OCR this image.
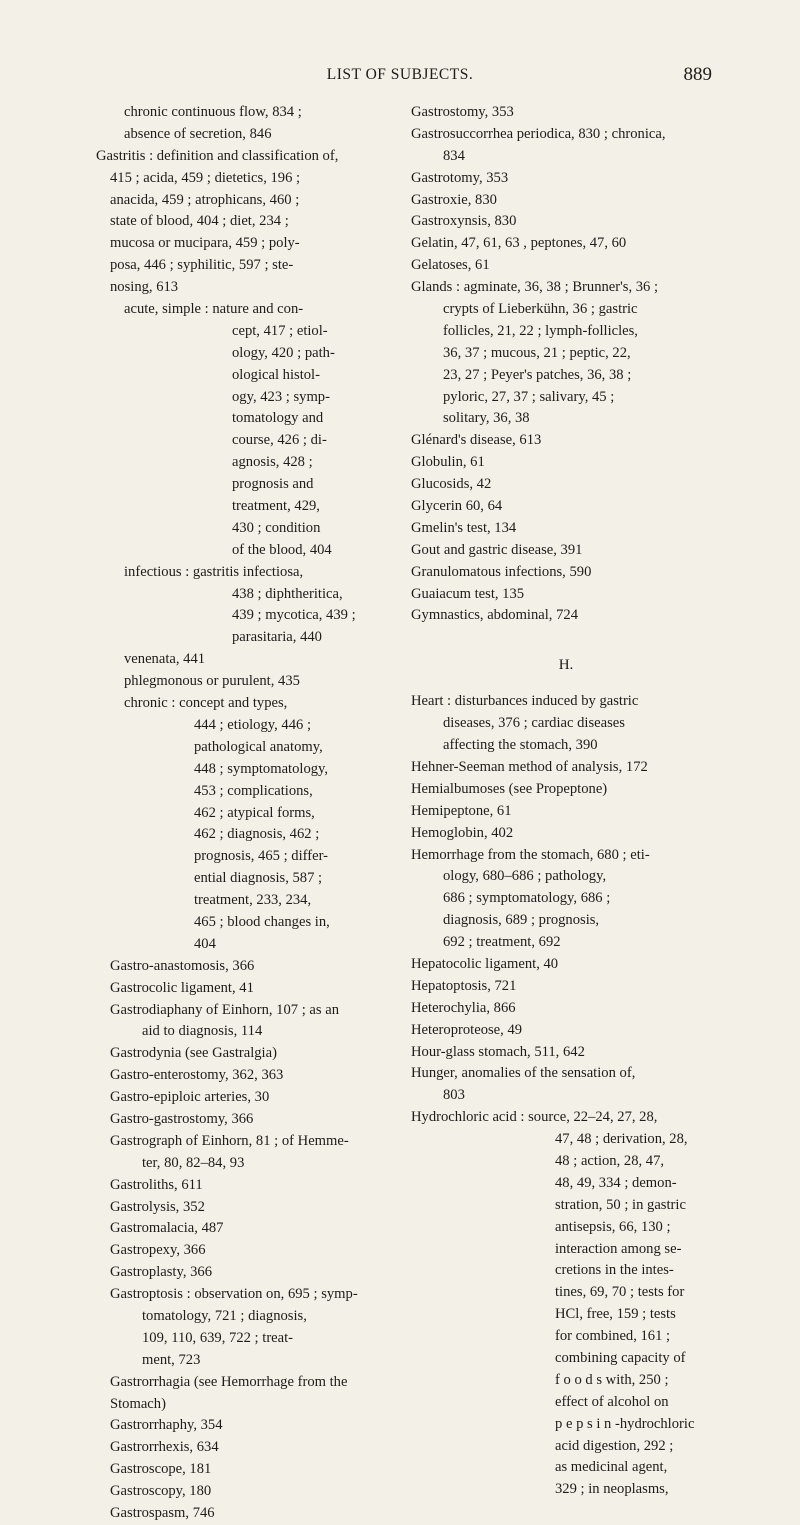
LIST OF SUBJECTS.	889
chronic continuous flow, 834 ;
absence of secretion, 846
Gastritis : definition and classification of,
415 ; acida, 459 ; dietetics, 196 ;
anacida, 459 ; atrophicans, 460 ;
state of blood, 404 ; diet, 234 ;
mucosa or mucipara, 459 ; poly-
posa, 446 ; syphilitic, 597 ; ste-
nosing, 613
acute, simple : nature and con-
cept, 417 ; etiol-
ology, 420 ; path-
ological histol-
ogy, 423 ; symp-
tomatology and
course, 426 ; di-
agnosis, 428 ;
prognosis and
treatment, 429,
430 ; condition
of the blood, 404
infectious : gastritis infectiosa,
438 ; diphtheritica,
439 ; mycotica, 439 ;
parasitaria, 440
venenata, 441
phlegmonous or purulent, 435
chronic : concept and types,
444 ; etiology, 446 ;
pathological anatomy,
448 ; symptomatology,
453 ; complications,
462 ; atypical forms,
462 ; diagnosis, 462 ;
prognosis, 465 ; differ-
ential diagnosis, 587 ;
treatment, 233, 234,
465 ; blood changes in,
404
Gastro-anastomosis, 366
Gastrocolic ligament, 41
Gastrodiaphany of Einhorn, 107 ; as an
aid to diagnosis, 114
Gastrodynia (see Gastralgia)
Gastro-enterostomy, 362, 363
Gastro-epiploic arteries, 30
Gastro-gastrostomy, 366
Gastrograph of Einhorn, 81 ; of Hemme-
ter, 80, 82–84, 93
Gastroliths, 611
Gastrolysis, 352
Gastromalacia, 487
Gastropexy, 366
Gastroplasty, 366
Gastroptosis : observation on, 695 ; symp-
tomatology, 721 ; diagnosis,
109, 110, 639, 722 ; treat-
ment, 723
Gastrorrhagia (see Hemorrhage from the
Stomach)
Gastrorrhaphy, 354
Gastrorrhexis, 634
Gastroscope, 181
Gastroscopy, 180
Gastrospasm, 746
Gastrostomy, 353
Gastrosuccorrhea periodica, 830 ; chronica,
834
Gastrotomy, 353
Gastroxie, 830
Gastroxynsis, 830
Gelatin, 47, 61, 63 , peptones, 47, 60
Gelatoses, 61
Glands : agminate, 36, 38 ; Brunner's, 36 ;
crypts of Lieberkühn, 36 ; gastric
follicles, 21, 22 ; lymph-follicles,
36, 37 ; mucous, 21 ; peptic, 22,
23, 27 ; Peyer's patches, 36, 38 ;
pyloric, 27, 37 ; salivary, 45 ;
solitary, 36, 38
Glénard's disease, 613
Globulin, 61
Glucosids, 42
Glycerin 60, 64
Gmelin's test, 134
Gout and gastric disease, 391
Granulomatous infections, 590
Guaiacum test, 135
Gymnastics, abdominal, 724
H.
Heart : disturbances induced by gastric
diseases, 376 ; cardiac diseases
affecting the stomach, 390
Hehner-Seeman method of analysis, 172
Hemialbumoses (see Propeptone)
Hemipeptone, 61
Hemoglobin, 402
Hemorrhage from the stomach, 680 ; eti-
ology, 680–686 ; pathology,
686 ; symptomatology, 686 ;
diagnosis, 689 ; prognosis,
692 ; treatment, 692
Hepatocolic ligament, 40
Hepatoptosis, 721
Heterochylia, 866
Heteroproteose, 49
Hour-glass stomach, 511, 642
Hunger, anomalies of the sensation of,
803
Hydrochloric acid : source, 22–24, 27, 28,
47, 48 ; derivation, 28,
48 ; action, 28, 47,
48, 49, 334 ; demon-
stration, 50 ; in gastric
antisepsis, 66, 130 ;
interaction among se-
cretions in the intes-
tines, 69, 70 ; tests for
HCl, free, 159 ; tests
for combined, 161 ;
combining capacity of
f o o d s with, 250 ;
effect of alcohol on
p e p s i n -hydrochloric
acid digestion, 292 ;
as medicinal agent,
329 ; in neoplasms,
